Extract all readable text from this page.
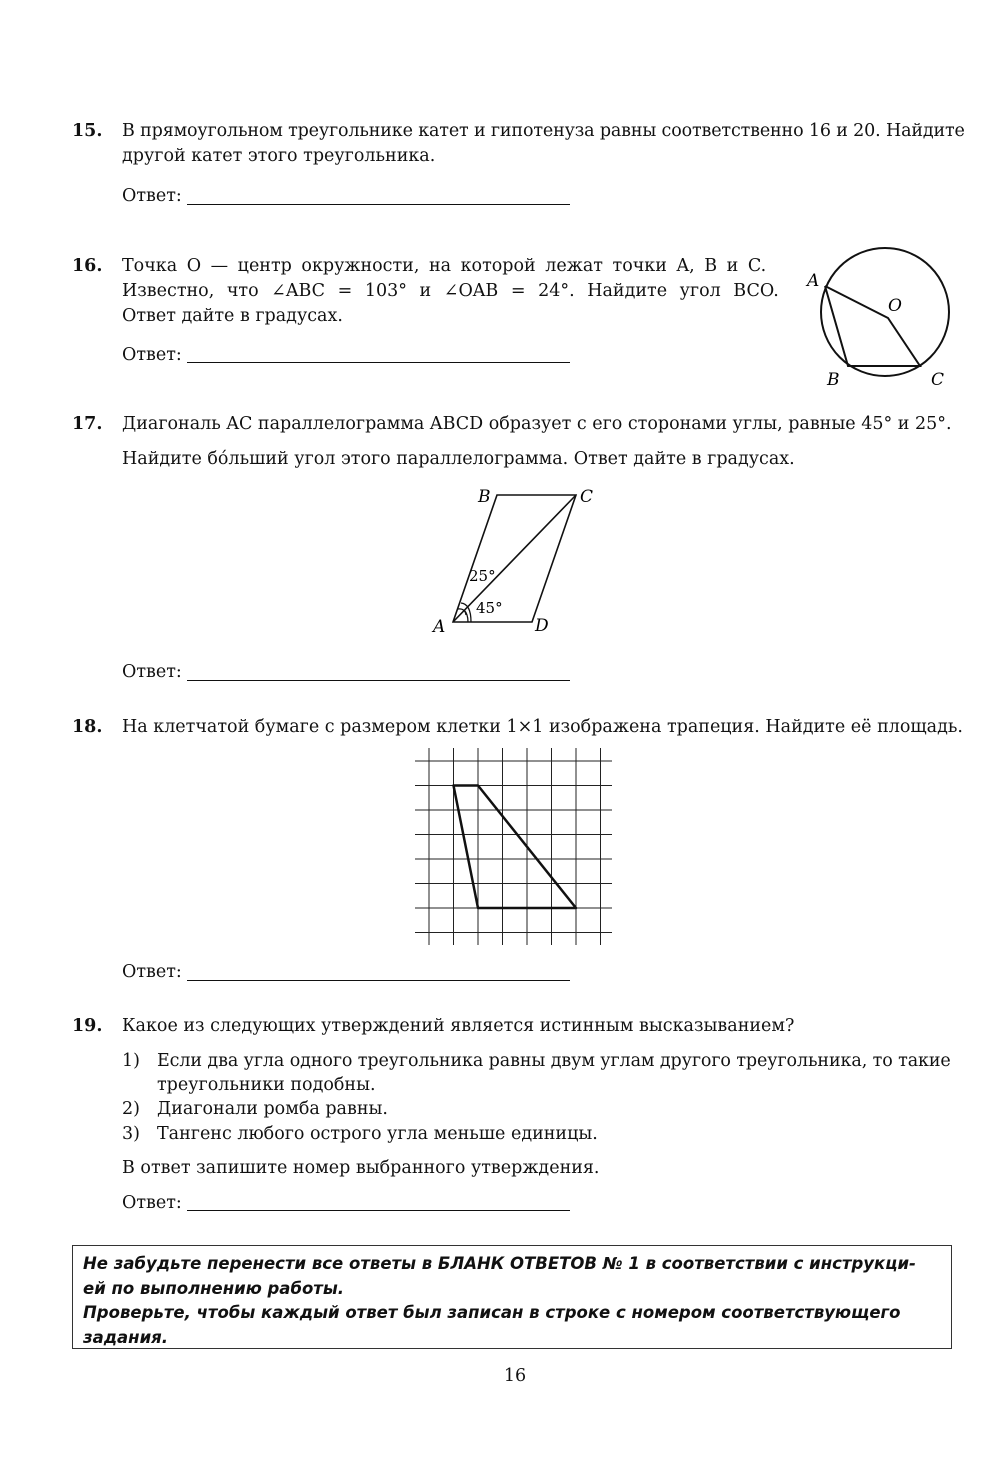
15. В прямоугольном треугольнике катет и гипотенуза равны соответственно 16 и 20. Найдите
другой катет этого треугольника.
Ответ:
16. Точка O — центр окружности, на которой лежат точки A, B и C.
Известно, что ∠ABC = 103° и ∠OAB = 24°. Найдите угол BCO.
Ответ дайте в градусах.
Ответ:
A
O
B	C
17. Диагональ AC параллелограмма ABCD образует с его сторонами углы, равные 45° и 25°.
Найдите бо́льший угол этого параллелограмма. Ответ дайте в градусах.
B	C
A	D
25°
45°
Ответ:
18. На клетчатой бумаге с размером клетки 1×1 изображена трапеция. Найдите её площадь.
Ответ:
19. Какое из следующих утверждений является истинным высказыванием?
1) Если два угла одного треугольника равны двум углам другого треугольника, то такие
треугольники подобны.
2) Диагонали ромба равны.
3) Тангенс любого острого угла меньше единицы.
В ответ запишите номер выбранного утверждения.
Ответ:
Не забудьте перенести все ответы в БЛАНК ОТВЕТОВ № 1 в соответствии с инструкци-
ей по выполнению работы.
Проверьте, чтобы каждый ответ был записан в строке с номером соответствующего
задания.
16
